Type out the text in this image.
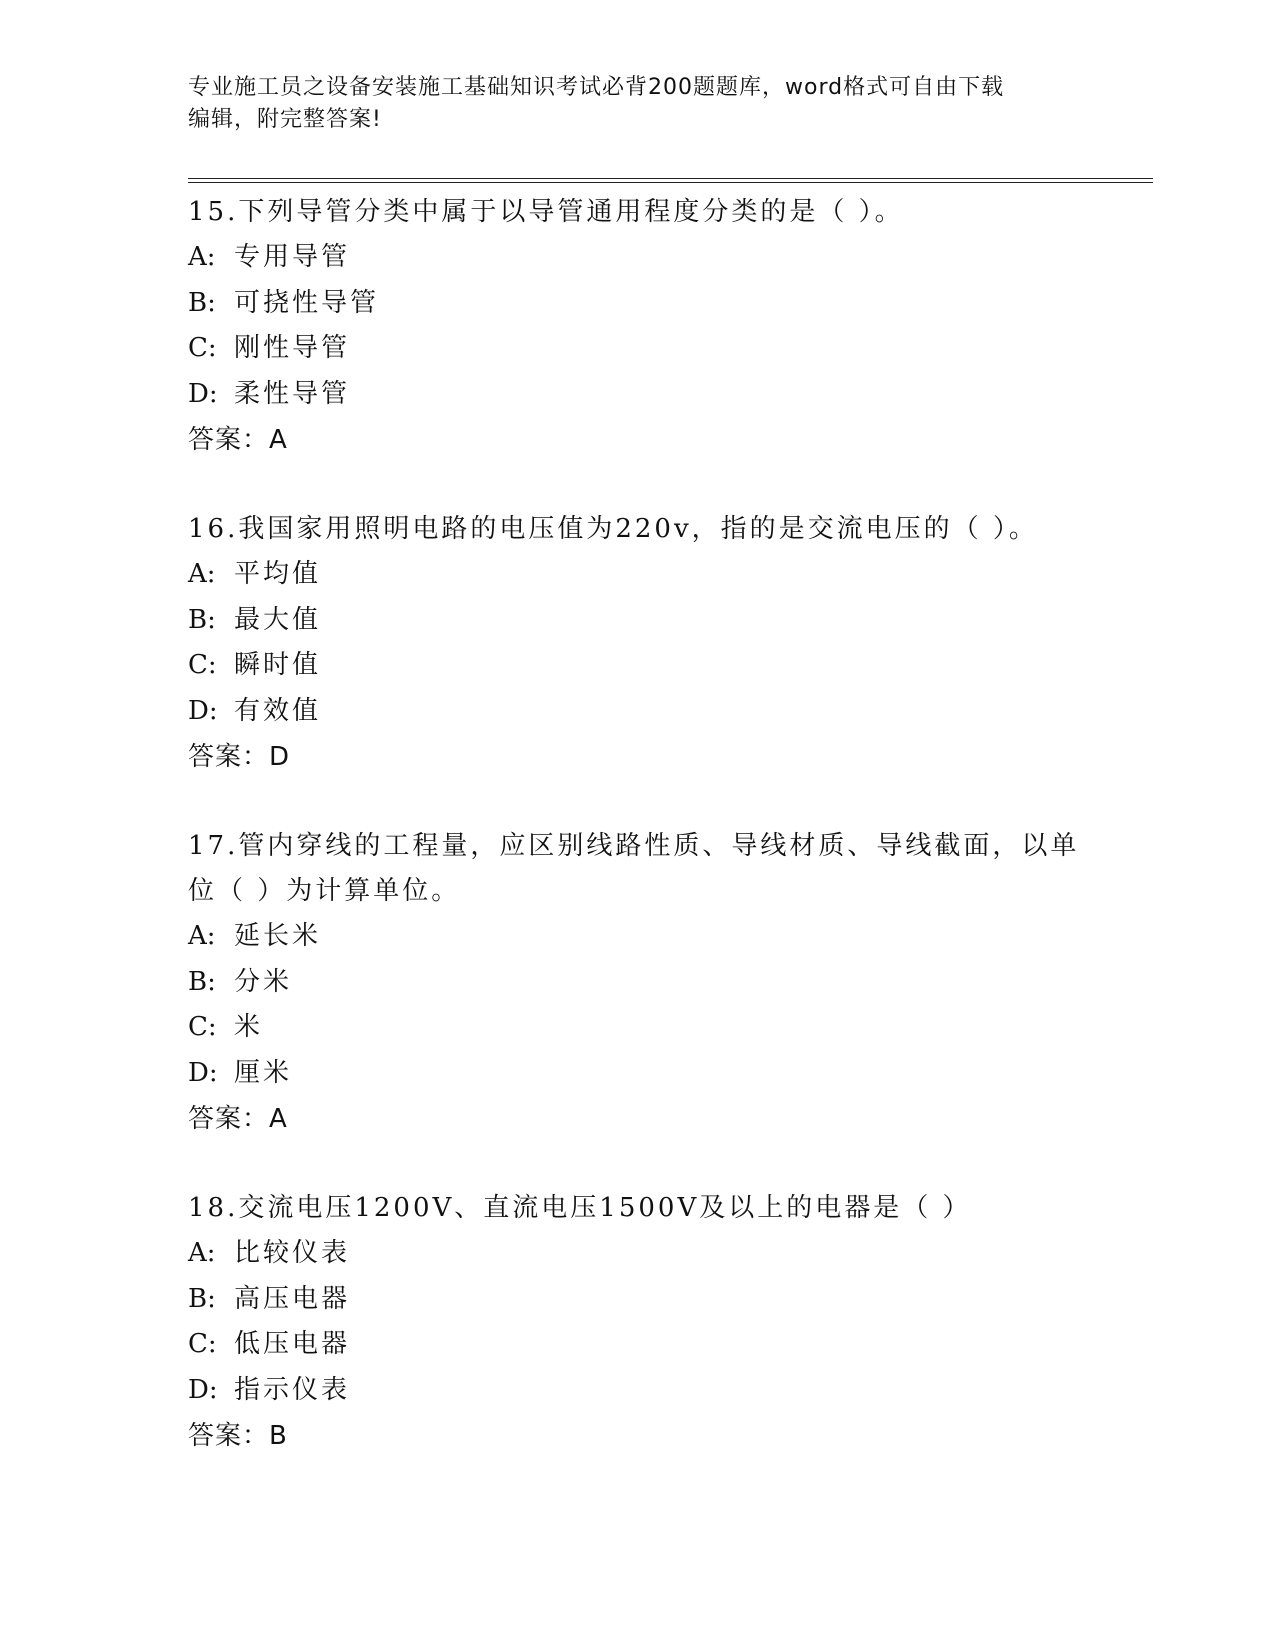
专业施工员之设备安装施工基础知识考试必背200题题库，word格式可自由下载
编辑，附完整答案!
15.下列导管分类中属于以导管通用程度分类的是（ ）。
A: 专用导管
B: 可挠性导管
C: 刚性导管
D: 柔性导管
答案：A
16.我国家用照明电路的电压值为220v，指的是交流电压的（ ）。
A: 平均值
B: 最大值
C: 瞬时值
D: 有效值
答案：D
17.管内穿线的工程量，应区别线路性质、导线材质、导线截面，以单位（ ）为计算单位。
A: 延长米
B: 分米
C: 米
D: 厘米
答案：A
18.交流电压1200V、直流电压1500V及以上的电器是（ ）
A: 比较仪表
B: 高压电器
C: 低压电器
D: 指示仪表
答案：B
